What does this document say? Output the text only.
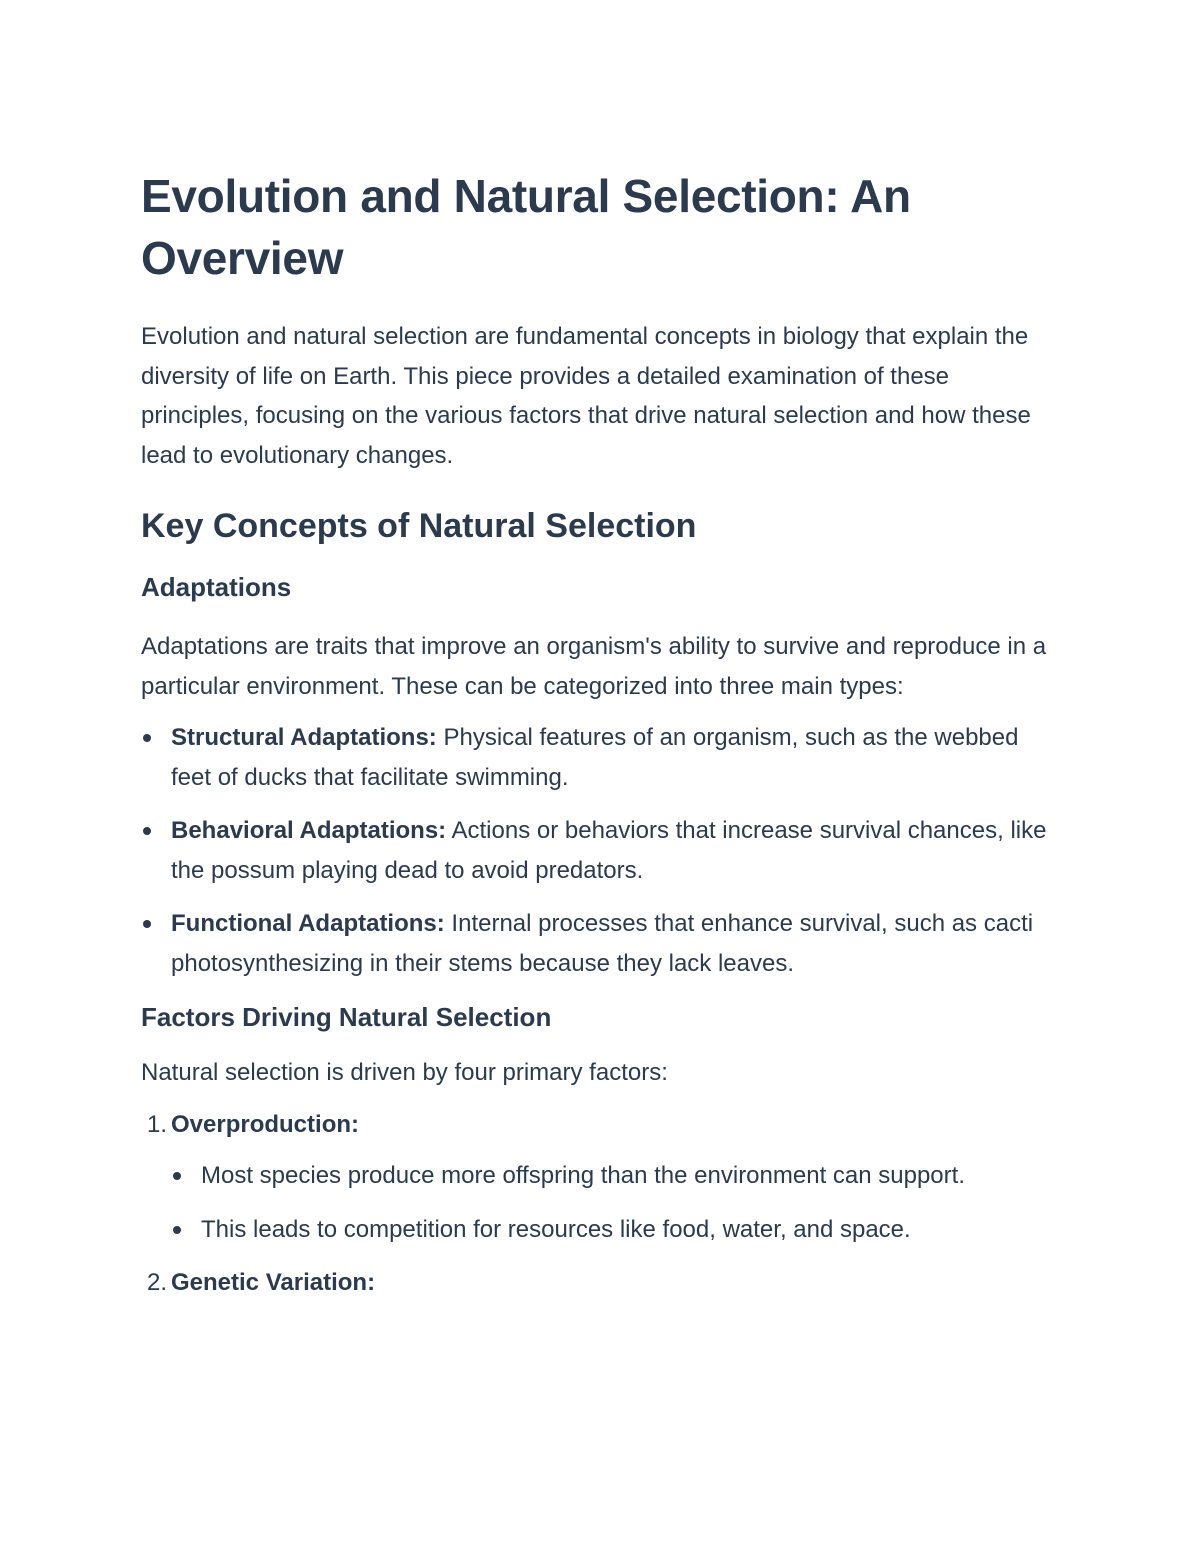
Evolution and Natural Selection: An Overview

Evolution and natural selection are fundamental concepts in biology that explain the diversity of life on Earth. This piece provides a detailed examination of these principles, focusing on the various factors that drive natural selection and how these lead to evolutionary changes.

Key Concepts of Natural Selection
Adaptations

Adaptations are traits that improve an organism's ability to survive and reproduce in a particular environment. These can be categorized into three main types:

Structural Adaptations: Physical features of an organism, such as the webbed feet of ducks that facilitate swimming.
Behavioral Adaptations: Actions or behaviors that increase survival chances, like the possum playing dead to avoid predators.
Functional Adaptations: Internal processes that enhance survival, such as cacti photosynthesizing in their stems because they lack leaves.
Factors Driving Natural Selection

Natural selection is driven by four primary factors:

1. Overproduction:
Most species produce more offspring than the environment can support.
This leads to competition for resources like food, water, and space.
2. Genetic Variation:
